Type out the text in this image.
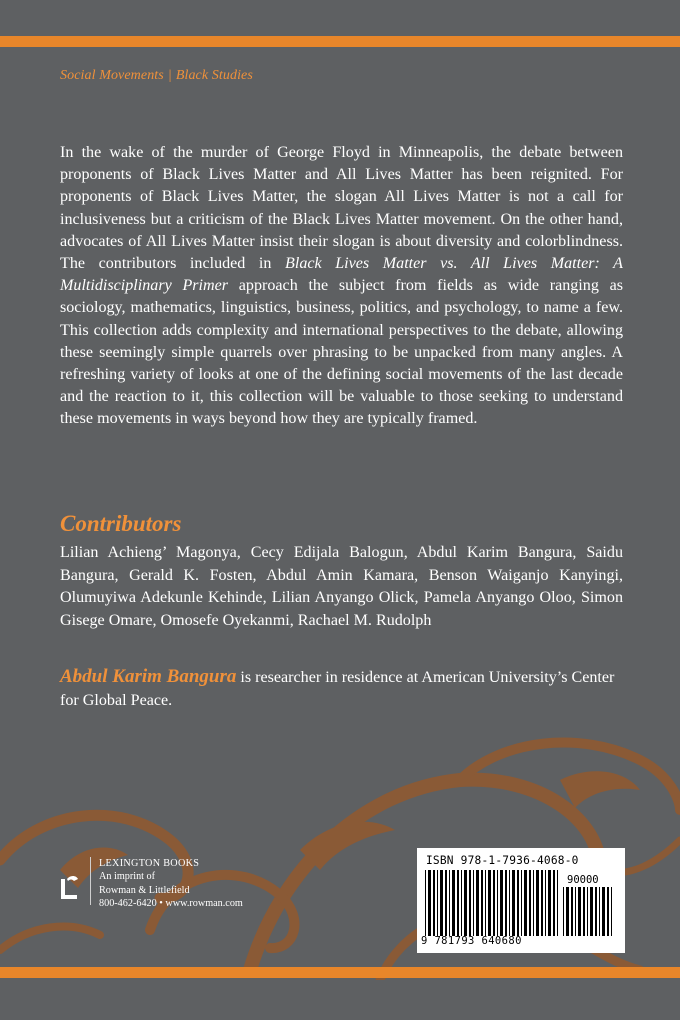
Social Movements | Black Studies

In the wake of the murder of George Floyd in Minneapolis, the debate between proponents of Black Lives Matter and All Lives Matter has been reignited. For proponents of Black Lives Matter, the slogan All Lives Matter is not a call for inclusiveness but a criticism of the Black Lives Matter movement. On the other hand, advocates of All Lives Matter insist their slogan is about diversity and colorblindness. The contributors included in Black Lives Matter vs. All Lives Matter: A Multidisciplinary Primer approach the subject from fields as wide ranging as sociology, mathematics, linguistics, business, politics, and psychology, to name a few. This collection adds complexity and international perspectives to the debate, allowing these seemingly simple quarrels over phrasing to be unpacked from many angles. A refreshing variety of looks at one of the defining social movements of the last decade and the reaction to it, this collection will be valuable to those seeking to understand these movements in ways beyond how they are typically framed.

Contributors

Lilian Achieng’ Magonya, Cecy Edijala Balogun, Abdul Karim Bangura, Saidu Bangura, Gerald K. Fosten, Abdul Amin Kamara, Benson Waiganjo Kanyingi, Olumuyiwa Adekunle Kehinde, Lilian Anyango Olick, Pamela Anyango Oloo, Simon Gisege Omare, Omosefe Oyekanmi, Rachael M. Rudolph

Abdul Karim Bangura is researcher in residence at American University’s Center for Global Peace.

LEXINGTON BOOKS
An imprint of
Rowman & Littlefield
800-462-6420 • www.rowman.com
ISBN 978-1-7936-4068-0
90000
9 781793 640680
